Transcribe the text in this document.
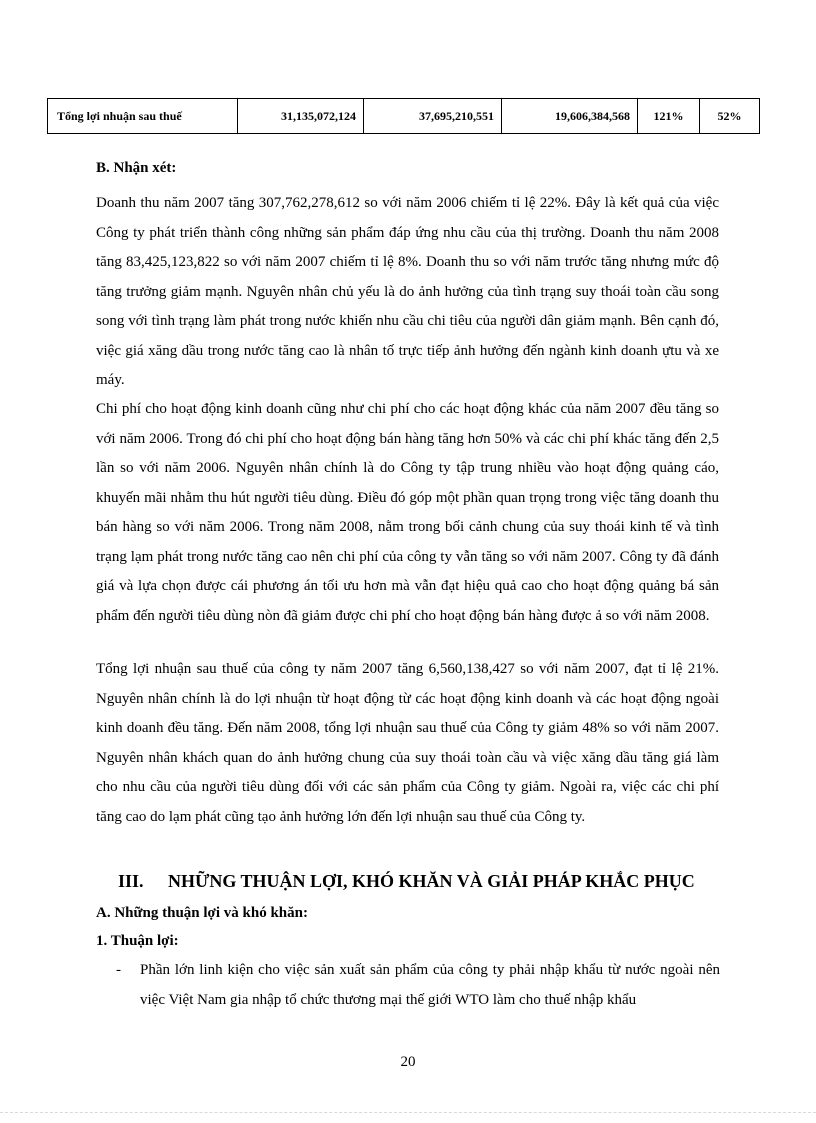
Tổng lợi nhuận sau thuế	31,135,072,124	37,695,210,551	19,606,384,568	121%	52%

B. Nhận xét:

Doanh thu năm 2007 tăng 307,762,278,612 so với năm 2006 chiếm tỉ lệ 22%. Đây là kết quả của việc Công ty phát triển thành công những sản phẩm đáp ứng nhu cầu của thị trường. Doanh thu năm 2008 tăng 83,425,123,822 so với năm 2007 chiếm tỉ lệ 8%. Doanh thu so với năm trước tăng nhưng mức độ tăng trưởng giảm mạnh. Nguyên nhân chủ yếu là do ảnh hưởng của tình trạng suy thoái toàn cầu song song với tình trạng làm phát trong nước khiến nhu cầu chi tiêu của người dân giảm mạnh. Bên cạnh đó, việc giá xăng dầu trong nước tăng cao là nhân tố trực tiếp ảnh hưởng đến ngành kinh doanh ựtu và xe máy.

Chi phí cho hoạt động kinh doanh cũng như chi phí cho các hoạt động khác của năm 2007 đều tăng so với năm 2006. Trong đó chi phí cho hoạt động bán hàng tăng hơn 50% và các chi phí khác tăng đến 2,5 lần so với năm 2006. Nguyên nhân chính là do Công ty tập trung nhiều vào hoạt động quảng cáo, khuyến mãi nhằm thu hút người tiêu dùng. Điều đó góp một phần quan trọng trong việc tăng doanh thu bán hàng so với năm 2006. Trong năm 2008, nằm trong bối cảnh chung của suy thoái kinh tế và tình trạng lạm phát trong nước tăng cao nên chi phí của công ty vẫn tăng so với năm 2007. Công ty đã đánh giá và lựa chọn được cái phương án tối ưu hơn mà vẫn đạt hiệu quả cao cho hoạt động quảng bá sản phẩm đến người tiêu dùng nòn đã giảm được chi phí cho hoạt động bán hàng được ả so với năm 2008.

Tổng lợi nhuận sau thuế của công ty năm 2007 tăng 6,560,138,427 so với năm 2007, đạt tỉ lệ 21%. Nguyên nhân chính là do lợi nhuận từ hoạt động từ các hoạt động kinh doanh và các hoạt động ngoài kinh doanh đều tăng. Đến năm 2008, tổng lợi nhuận sau thuế của Công ty giảm 48% so với năm 2007. Nguyên nhân khách quan do ảnh hưởng chung của suy thoái toàn cầu và việc xăng dầu tăng giá làm cho nhu cầu của người tiêu dùng đối với các sản phẩm của Công ty giảm. Ngoài ra, việc các chi phí tăng cao do lạm phát cũng tạo ảnh hưởng lớn đến lợi nhuận sau thuế của Công ty.

III. NHỮNG THUẬN LỢI, KHÓ KHĂN VÀ GIẢI PHÁP KHẮC PHỤC

A. Những thuận lợi và khó khăn:

1. Thuận lợi:

- Phần lớn linh kiện cho việc sản xuất sản phẩm của công ty phải nhập khẩu từ nước ngoài nên việc Việt Nam gia nhập tổ chức thương mại thế giới WTO làm cho thuế nhập khẩu

20
